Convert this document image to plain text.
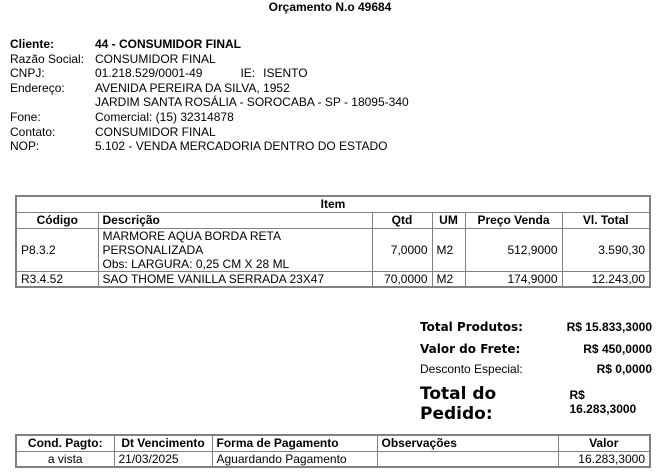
Orçamento N.o 49684
Cliente:	44 - CONSUMIDOR FINAL
Razão Social: CONSUMIDOR FINAL
CNPJ:	01.218.529/0001-49	IE: ISENTO
Endereço:	AVENIDA PEREIRA DA SILVA, 1952
JARDIM SANTA ROSÁLIA - SOROCABA - SP - 18095-340
Fone:	Comercial: (15) 32314878
Contato:	CONSUMIDOR FINAL
NOP:	5.102 - VENDA MERCADORIA DENTRO DO ESTADO
Item					
Código	Descrição	Qtd	UM	Preço Venda	Vl. Total
P8.3.2	MARMORE AQUA BORDA RETA
PERSONALIZADA
Obs: LARGURA: 0,25 CM X 28 ML	7,0000	M2	512,9000	3.590,30
R3.4.52	SAO THOME VANILLA SERRADA 23X47	70,0000	M2	174,9000	12.243,00
Total Produtos:	R$ 15.833,3000
Valor do Frete:	R$ 450,0000
Desconto Especial:	R$ 0,0000
Total do Pedido:
R$ 16.283,3000
Cond. Pagto:	Dt Vencimento	Forma de Pagamento	Observações	Valor
a vista	21/03/2025	Aguardando Pagamento		16.283,3000
